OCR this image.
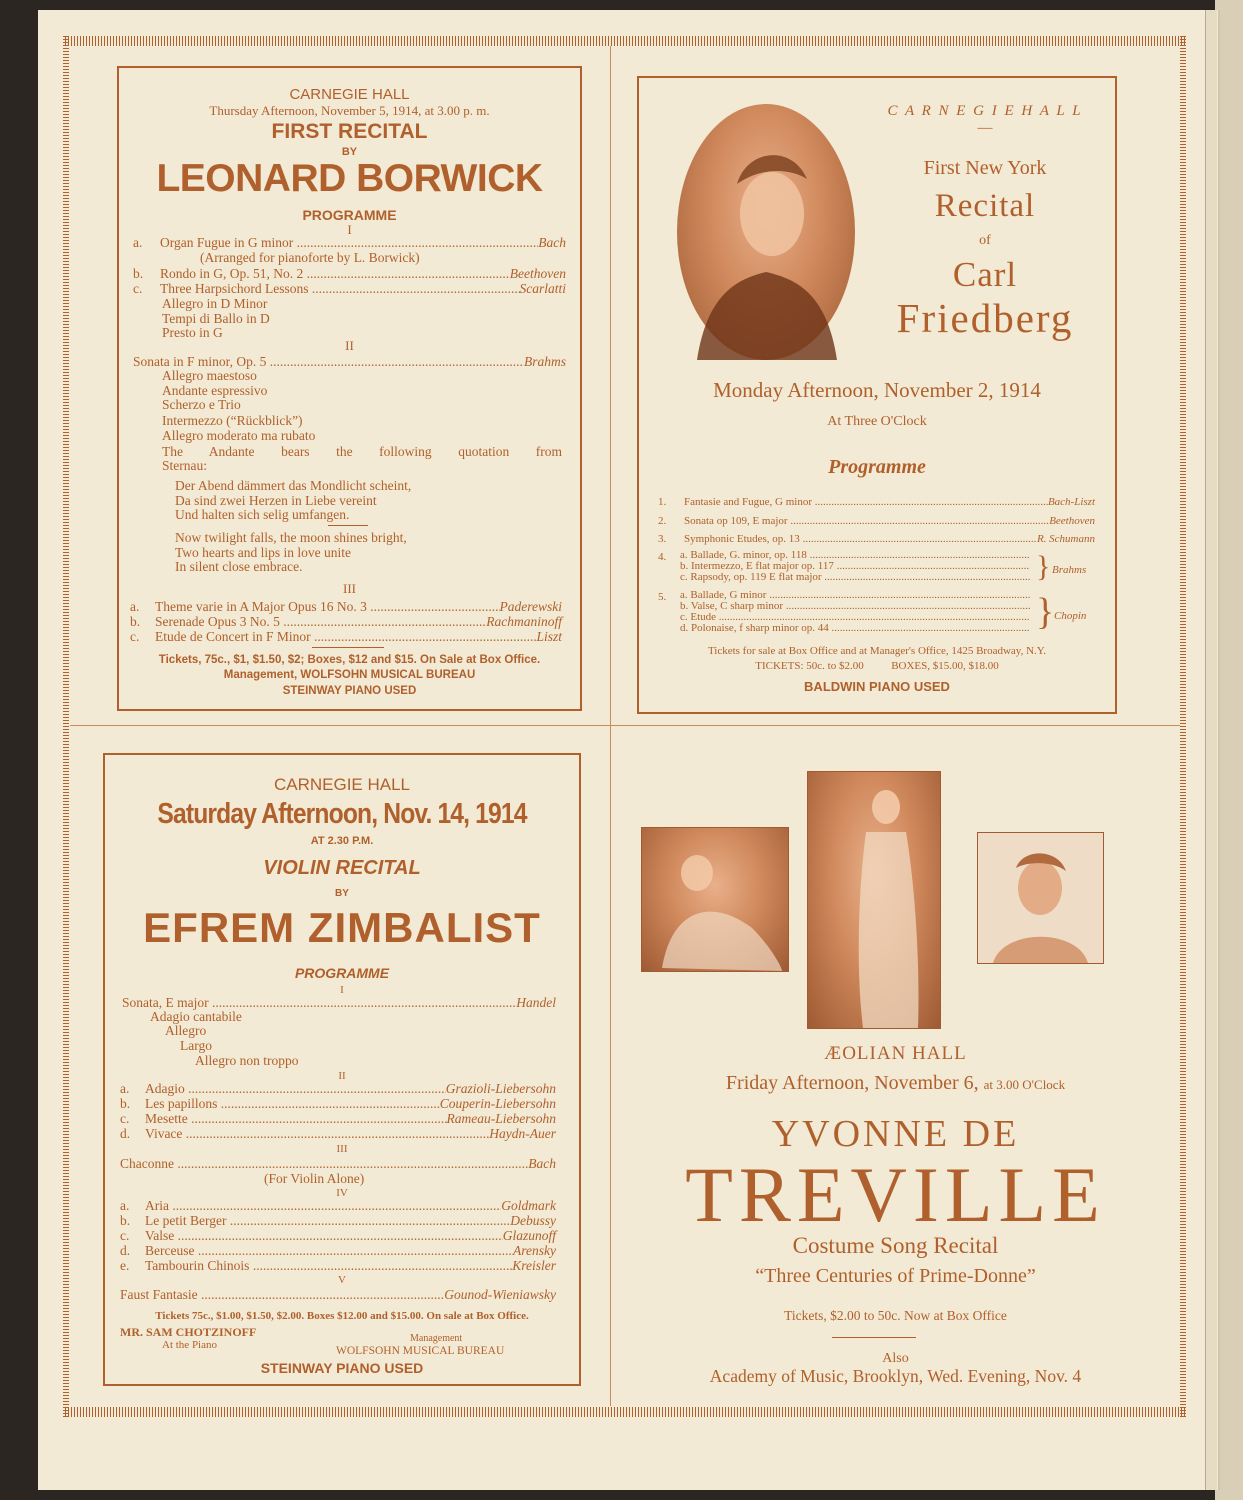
CARNEGIE HALL
Thursday Afternoon, November 5, 1914, at 3.00 p. m.
FIRST RECITAL
BY
LEONARD BORWICK
PROGRAMME
I
a.	Organ Fugue in G minor .....	Bach
(Arranged for pianoforte by L. Borwick)
b.	Rondo in G, Op. 51, No. 2 .....	Beethoven
c.	Three Harpsichord Lessons .....	Scarlatti
Allegro in D Minor
Tempi di Ballo in D
Presto in G
II
Sonata in F minor, Op. 5 .....	Brahms
Allegro maestoso
Andante espressivo
Scherzo e Trio
Intermezzo (“Rückblick”)
Allegro moderato ma rubato
The Andante bears the following quotation from
Sternau:
Der Abend dämmert das Mondlicht scheint,
Da sind zwei Herzen in Liebe vereint
Und halten sich selig umfangen.
Now twilight falls, the moon shines bright,
Two hearts and lips in love unite
In silent close embrace.
III
a.	Theme varie in A Major Opus 16 No. 3 .....	Paderewski
b.	Serenade Opus 3 No. 5 .....	Rachmaninoff
c.	Etude de Concert in F Minor .....	Liszt
Tickets, 75c., $1, $1.50, $2; Boxes, $12 and $15. On Sale at Box Office.
Management, WOLFSOHN MUSICAL BUREAU
STEINWAY PIANO USED
C A R N E G I E H A L L
—
First New York
Recital
of
Carl
Friedberg
Monday Afternoon, November 2, 1914
At Three O'Clock
Programme
1.	Fantasie and Fugue, G minor .....	Bach-Liszt
2.	Sonata op 109, E major .....	Beethoven
3.	Symphonic Etudes, op. 13 .....	R. Schumann
4. a. Ballade, G. minor, op. 118 .....
b. Intermezzo, E flat major op. 117 .....
c. Rapsody, op. 119 E flat major .....	} Brahms
5. a. Ballade, G minor .....
b. Valse, C sharp minor .....
c. Etude .....
d. Polonaise, f sharp minor op. 44 .....	} Chopin
Tickets for sale at Box Office and at Manager's Office, 1425 Broadway, N.Y.
TICKETS: 50c. to $2.00          BOXES, $15.00, $18.00
BALDWIN PIANO USED
CARNEGIE HALL
Saturday Afternoon, Nov. 14, 1914
AT 2.30 P.M.
VIOLIN RECITAL
BY
EFREM ZIMBALIST
PROGRAMME
I
Sonata, E major .....	Handel
Adagio cantabile
Allegro
Largo
Allegro non troppo
II
a.	Adagio .....	Grazioli-Liebersohn
b.	Les papillons .....	Couperin-Liebersohn
c.	Mesette .....	Rameau-Liebersohn
d.	Vivace .....	Haydn-Auer
III
Chaconne .....	Bach
(For Violin Alone)
IV
a.	Aria .....	Goldmark
b.	Le petit Berger .....	Debussy
c.	Valse .....	Glazunoff
d.	Berceuse .....	Arensky
e.	Tambourin Chinois .....	Kreisler
V
Faust Fantasie .....	Gounod-Wieniawsky
Tickets 75c., $1.00, $1.50, $2.00. Boxes $12.00 and $15.00. On sale at Box Office.
MR. SAM CHOTZINOFF	Management
At the Piano	WOLFSOHN MUSICAL BUREAU
STEINWAY PIANO USED
ÆOLIAN HALL
Friday Afternoon, November 6, at 3.00 O'Clock
YVONNE DE
TREVILLE
Costume Song Recital
“Three Centuries of Prime-Donne”
Tickets, $2.00 to 50c. Now at Box Office
Also
Academy of Music, Brooklyn, Wed. Evening, Nov. 4
